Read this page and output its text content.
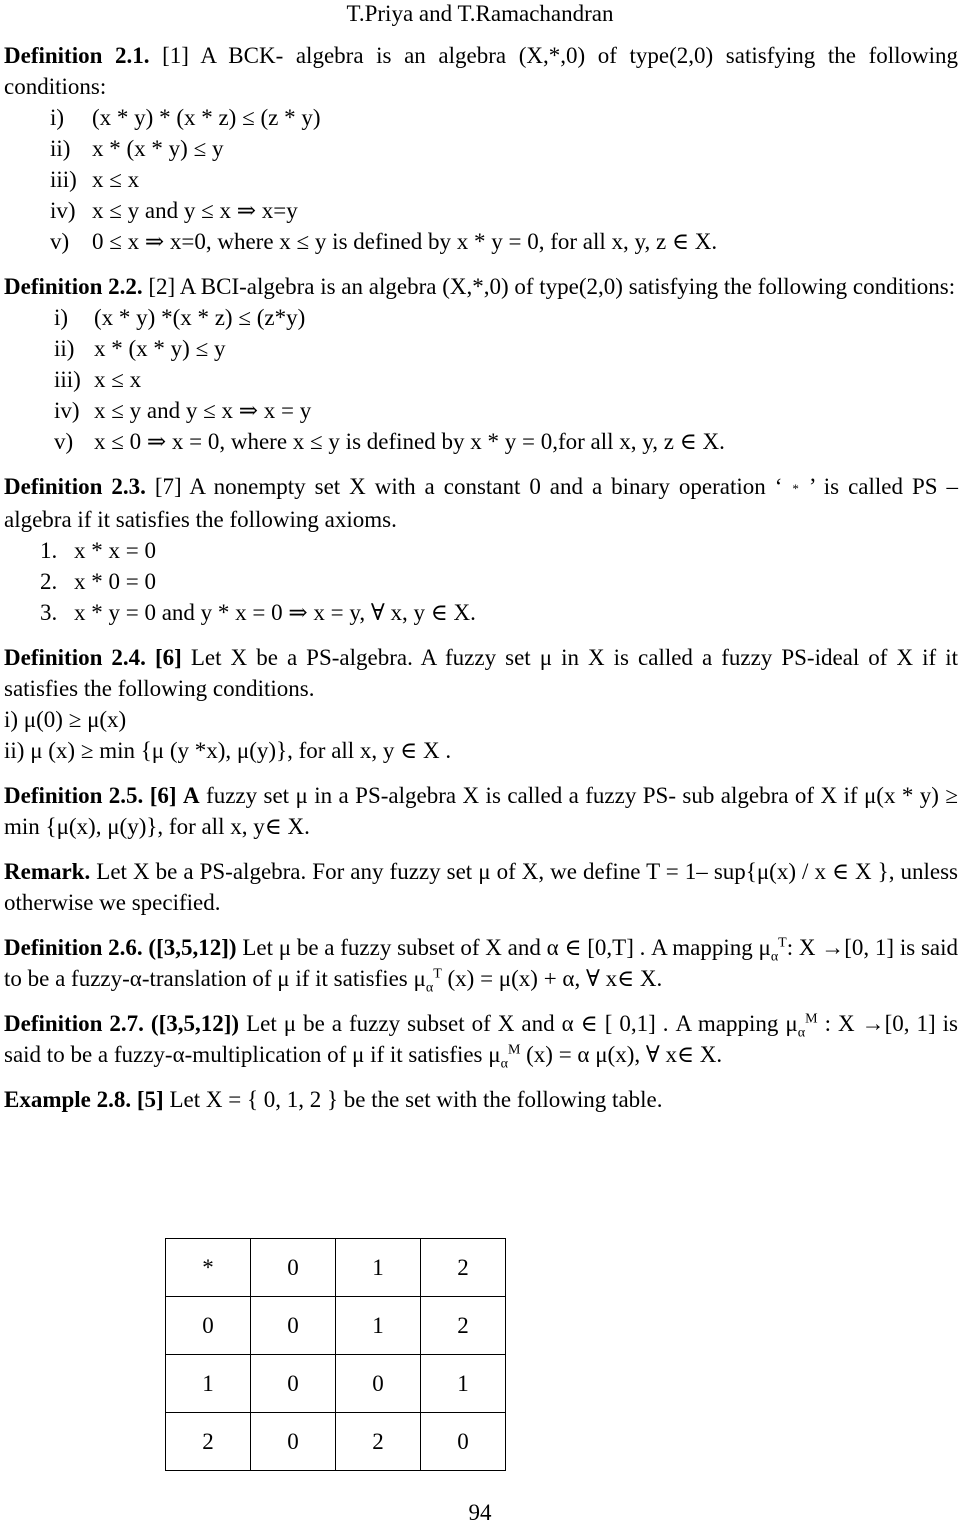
T.Priya and T.Ramachandran

Definition 2.1. [1] A BCK- algebra is an algebra (X,*,0) of type(2,0) satisfying the following conditions:

i) (x * y) * (x * z) ≤ (z * y)
ii) x * (x * y) ≤ y
iii) x ≤ x
iv) x ≤ y and y ≤ x ⇒ x=y
v) 0 ≤ x ⇒ x=0, where x ≤ y is defined by x * y = 0, for all x, y, z ∈ X.

Definition 2.2. [2] A BCI-algebra is an algebra (X,*,0) of type(2,0) satisfying the following conditions:

i) (x * y) *(x * z) ≤ (z*y)
ii) x * (x * y) ≤ y
iii) x ≤ x
iv) x ≤ y and y ≤ x ⇒ x = y
v) x ≤ 0 ⇒ x = 0, where x ≤ y is defined by x * y = 0,for all x, y, z ∈ X.

Definition 2.3. [7] A nonempty set X with a constant 0 and a binary operation ‘ * ’ is called PS – algebra if it satisfies the following axioms.

1. x * x = 0
2. x * 0 = 0
3. x * y = 0 and y * x = 0 ⇒ x = y, ∀ x, y ∈ X.

Definition 2.4. [6] Let X be a PS-algebra. A fuzzy set μ in X is called a fuzzy PS-ideal of X if it satisfies the following conditions.

i) μ(0) ≥ μ(x)
ii) μ (x) ≥ min {μ (y *x), μ(y)}, for all x, y ∈ X .

Definition 2.5. [6] A fuzzy set μ in a PS-algebra X is called a fuzzy PS- sub algebra of X if μ(x * y) ≥ min {μ(x), μ(y)}, for all x, y∈ X.

Remark. Let X be a PS-algebra. For any fuzzy set μ of X, we define T = 1– sup{μ(x) / x ∈ X }, unless otherwise we specified.

Definition 2.6. ([3,5,12]) Let μ be a fuzzy subset of X and α ∈ [0,T] . A mapping $\mu_\alpha^T$: X →[0, 1] is said to be a fuzzy-α-translation of μ if it satisfies $\mu_\alpha^T$ (x) = μ(x) + α, ∀ x∈ X.

Definition 2.7. ([3,5,12]) Let μ be a fuzzy subset of X and α ∈ [ 0,1] . A mapping $\mu_\alpha^M$ : X →[0, 1] is said to be a fuzzy-α-multiplication of μ if it satisfies $\mu_\alpha^M$ (x) = α μ(x), ∀ x∈ X.

Example 2.8. [5] Let X = { 0, 1, 2 } be the set with the following table.

*	0	1	2
0	0	1	2
1	0	0	1
2	0	2	0
94
